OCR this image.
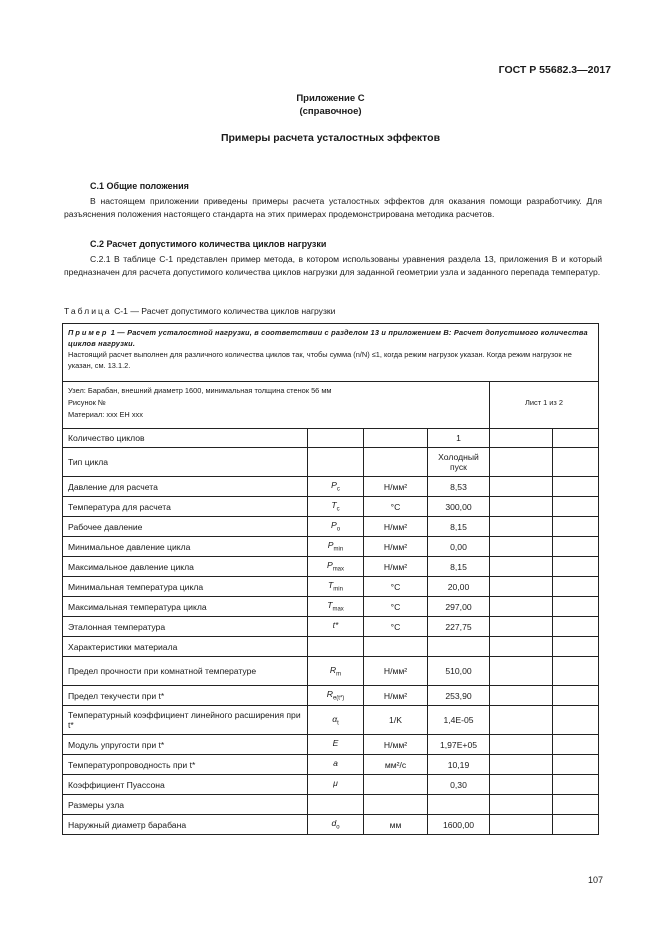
ГОСТ Р 55682.3—2017
Приложение С
(справочное)
Примеры расчета усталостных эффектов
С.1 Общие положения
В настоящем приложении приведены примеры расчета усталостных эффектов для оказания помощи разработчику. Для разъяснения положения настоящего стандарта на этих примерах продемонстрирована методика расчетов.
С.2 Расчет допустимого количества циклов нагрузки
С.2.1 В таблице С-1 представлен пример метода, в котором использованы уравнения раздела 13, приложения В и который предназначен для расчета допустимого количества циклов нагрузки для заданной геометрии узла и заданного перепада температур.
Таблица С-1 — Расчет допустимого количества циклов нагрузки
Пример 1 — Расчет усталостной нагрузки, в соответствии с разделом 13 и приложением В: Расчет допустимого количества циклов нагрузки.
Настоящий расчет выполнен для различного количества циклов так, чтобы сумма (n/N) ≤1, когда режим нагрузок указан. Когда режим нагрузок не указан, см. 13.1.2.					

Узел: Барабан, внешний диаметр 1600, минимальная толщина стенок 56 мм
Рисунок №
Материал: ххх ЕН ххх				Лист 1 из 2	
Количество циклов			1		
Тип цикла			Холодный пуск		
Давление для расчета	$P_c$	Н/мм²	8,53		
Температура для расчета	$T_c$	°C	300,00		
Рабочее давление	$P_o$	Н/мм²	8,15		
Минимальное давление цикла	$P_{min}$	Н/мм²	0,00		
Максимальное давление цикла	$P_{max}$	Н/мм²	8,15		
Минимальная температура цикла	$T_{min}$	°C	20,00		
Максимальная температура цикла	$T_{max}$	°C	297,00		
Эталонная температура	t*	°C	227,75		
Характеристики материала					
Предел прочности при комнатной температуре	$R_m$	Н/мм²	510,00		
Предел текучести при t*	$R_{e(t*)}$	Н/мм²	253,90		
Температурный коэффициент линейного расширения при t*	$\alpha_t$	1/K	1,4E-05		
Модуль упругости при t*	E	Н/мм²	1,97E+05		
Температуропроводность при t*	a	мм²/с	10,19		
Коэффициент Пуассона	μ		0,30		
Размеры узла					
Наружный диаметр барабана	$d_o$	мм	1600,00		
107
